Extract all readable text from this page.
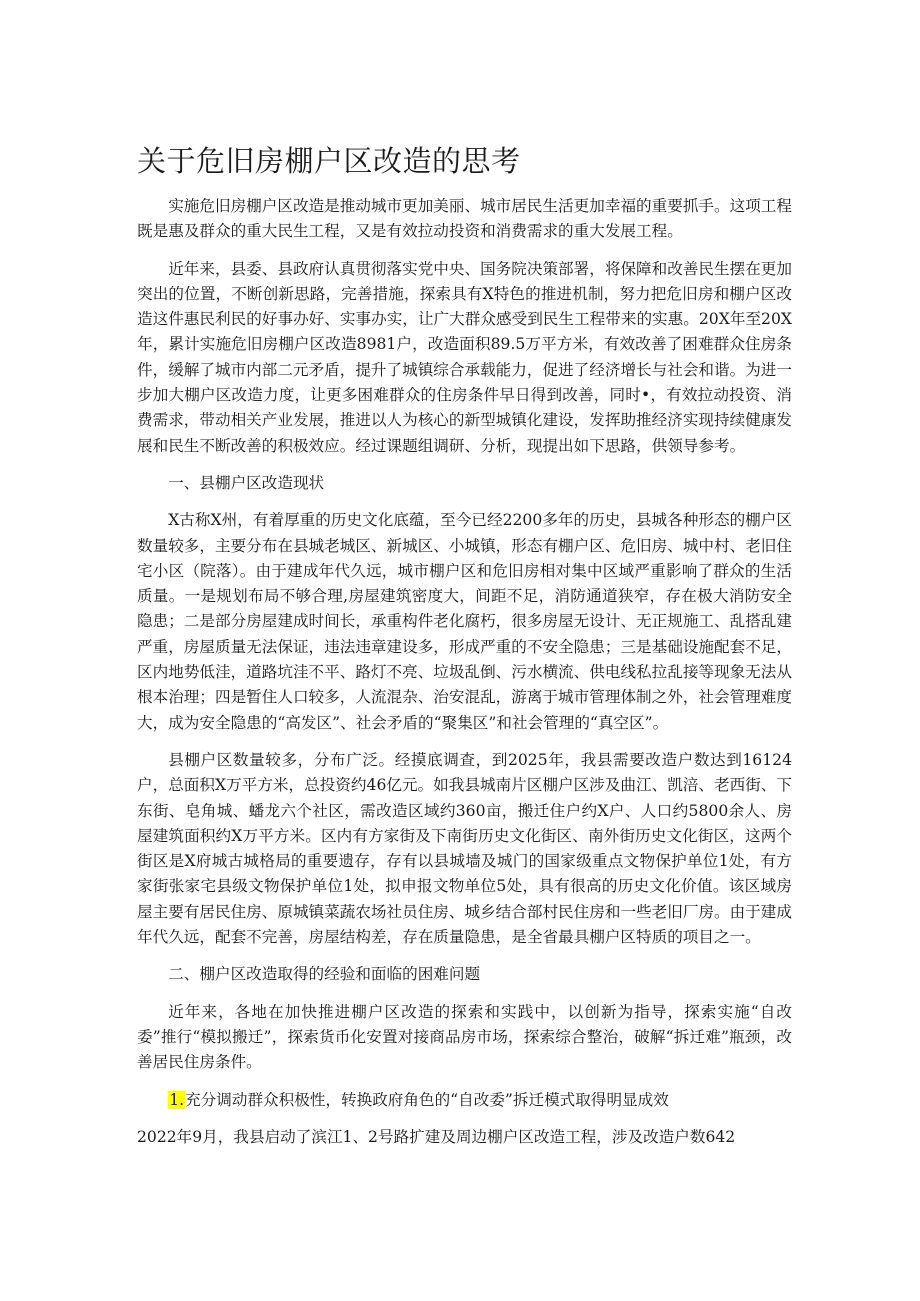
关于危旧房棚户区改造的思考

实施危旧房棚户区改造是推动城市更加美丽、城市居民生活更加幸福的重要抓手。这项工程既是惠及群众的重大民生工程，又是有效拉动投资和消费需求的重大发展工程。

近年来，县委、县政府认真贯彻落实党中央、国务院决策部署，将保障和改善民生摆在更加突出的位置，不断创新思路，完善措施，探索具有X特色的推进机制，努力把危旧房和棚户区改造这件惠民利民的好事办好、实事办实，让广大群众感受到民生工程带来的实惠。20X年至20X年，累计实施危旧房棚户区改造8981户，改造面积89.5万平方米，有效改善了困难群众住房条件，缓解了城市内部二元矛盾，提升了城镇综合承载能力，促进了经济增长与社会和谐。为进一步加大棚户区改造力度，让更多困难群众的住房条件早日得到改善，同时•，有效拉动投资、消费需求，带动相关产业发展，推进以人为核心的新型城镇化建设，发挥助推经济实现持续健康发展和民生不断改善的积极效应。经过课题组调研、分析，现提出如下思路，供领导参考。

一、县棚户区改造现状

X古称X州，有着厚重的历史文化底蕴，至今已经2200多年的历史，县城各种形态的棚户区数量较多，主要分布在县城老城区、新城区、小城镇，形态有棚户区、危旧房、城中村、老旧住宅小区（院落）。由于建成年代久远，城市棚户区和危旧房相对集中区域严重影响了群众的生活质量。一是规划布局不够合理,房屋建筑密度大，间距不足，消防通道狭窄，存在极大消防安全隐患；二是部分房屋建成时间长，承重构件老化腐朽，很多房屋无设计、无正规施工、乱搭乱建严重，房屋质量无法保证，违法违章建设多，形成严重的不安全隐患；三是基础设施配套不足，区内地势低洼，道路坑洼不平、路灯不亮、垃圾乱倒、污水横流、供电线私拉乱接等现象无法从根本治理；四是暂住人口较多，人流混杂、治安混乱，游离于城市管理体制之外，社会管理难度大，成为安全隐患的“高发区”、社会矛盾的“聚集区”和社会管理的“真空区”。

县棚户区数量较多，分布广泛。经摸底调查，到2025年，我县需要改造户数达到16124户，总面积X万平方米，总投资约46亿元。如我县城南片区棚户区涉及曲江、凯涪、老西街、下东街、皂角城、蟠龙六个社区，需改造区域约360亩，搬迁住户约X户、人口约5800余人、房屋建筑面积约X万平方米。区内有方家街及下南街历史文化街区、南外街历史文化街区，这两个街区是X府城古城格局的重要遗存，存有以县城墙及城门的国家级重点文物保护单位1处，有方家街张家宅县级文物保护单位1处，拟申报文物单位5处，具有很高的历史文化价值。该区域房屋主要有居民住房、原城镇菜蔬农场社员住房、城乡结合部村民住房和一些老旧厂房。由于建成年代久远，配套不完善，房屋结构差，存在质量隐患，是全省最具棚户区特质的项目之一。

二、棚户区改造取得的经验和面临的困难问题

近年来，各地在加快推进棚户区改造的探索和实践中，以创新为指导，探索实施“自改委”推行“模拟搬迁”，探索货币化安置对接商品房市场，探索综合整治，破解“拆迁难”瓶颈，改善居民住房条件。

1.充分调动群众积极性，转换政府角色的“自改委”拆迁模式取得明显成效

2022年9月，我县启动了滨江1、2号路扩建及周边棚户区改造工程，涉及改造户数642
